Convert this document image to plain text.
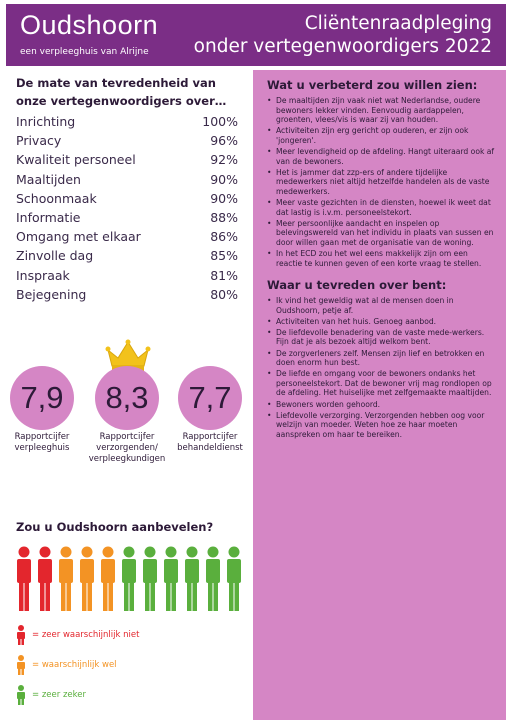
Oudshoorn
een verpleeghuis van Alrijne
Cliëntenraadpleging
onder vertegenwoordigers 2022
De mate van tevredenheid van onze vertegenwoordigers over…
Inrichting	100%
Privacy	96%
Kwaliteit personeel	92%
Maaltijden	90%
Schoonmaak	90%
Informatie	88%
Omgang met elkaar	86%
Zinvolle dag	85%
Inspraak	81%
Bejegening	80%
7,9	8,3	7,7
Rapportcijfer verpleeghuis
Rapportcijfer verzorgenden/ verpleegkundigen
Rapportcijfer behandeldienst
Zou u Oudshoorn aanbevelen?
= zeer waarschijnlijk niet
= waarschijnlijk wel
= zeer zeker
Wat u verbeterd zou willen zien:
• De maaltijden zijn vaak niet wat Nederlandse, oudere bewoners lekker vinden. Eenvoudig aardappelen, groenten, vlees/vis is waar zij van houden.
• Activiteiten zijn erg gericht op ouderen, er zijn ook 'jongeren'.
• Meer levendigheid op de afdeling. Hangt uiteraard ook af van de bewoners.
• Het is jammer dat zzp-ers of andere tijdelijke medewerkers niet altijd hetzelfde handelen als de vaste medewerkers.
• Meer vaste gezichten in de diensten, hoewel ik weet dat dat lastig is i.v.m. personeelstekort.
• Meer persoonlijke aandacht en inspelen op belevingswereld van het individu in plaats van sussen en door willen gaan met de organisatie van de woning.
• In het ECD zou het wel eens makkelijk zijn om een reactie te kunnen geven of een korte vraag te stellen.
Waar u tevreden over bent:
• Ik vind het geweldig wat al de mensen doen in Oudshoorn, petje af.
• Activiteiten van het huis. Genoeg aanbod.
• De liefdevolle benadering van de vaste mede-werkers. Fijn dat je als bezoek altijd welkom bent.
• De zorgverleners zelf. Mensen zijn lief en betrokken en doen enorm hun best.
• De liefde en omgang voor de bewoners ondanks het personeelstekort. Dat de bewoner vrij mag rondlopen op de afdeling. Het huiselijke met zelfgemaakte maaltijden.
• Bewoners worden gehoord.
• Liefdevolle verzorging. Verzorgenden hebben oog voor welzijn van moeder. Weten hoe ze haar moeten aanspreken om haar te bereiken.
